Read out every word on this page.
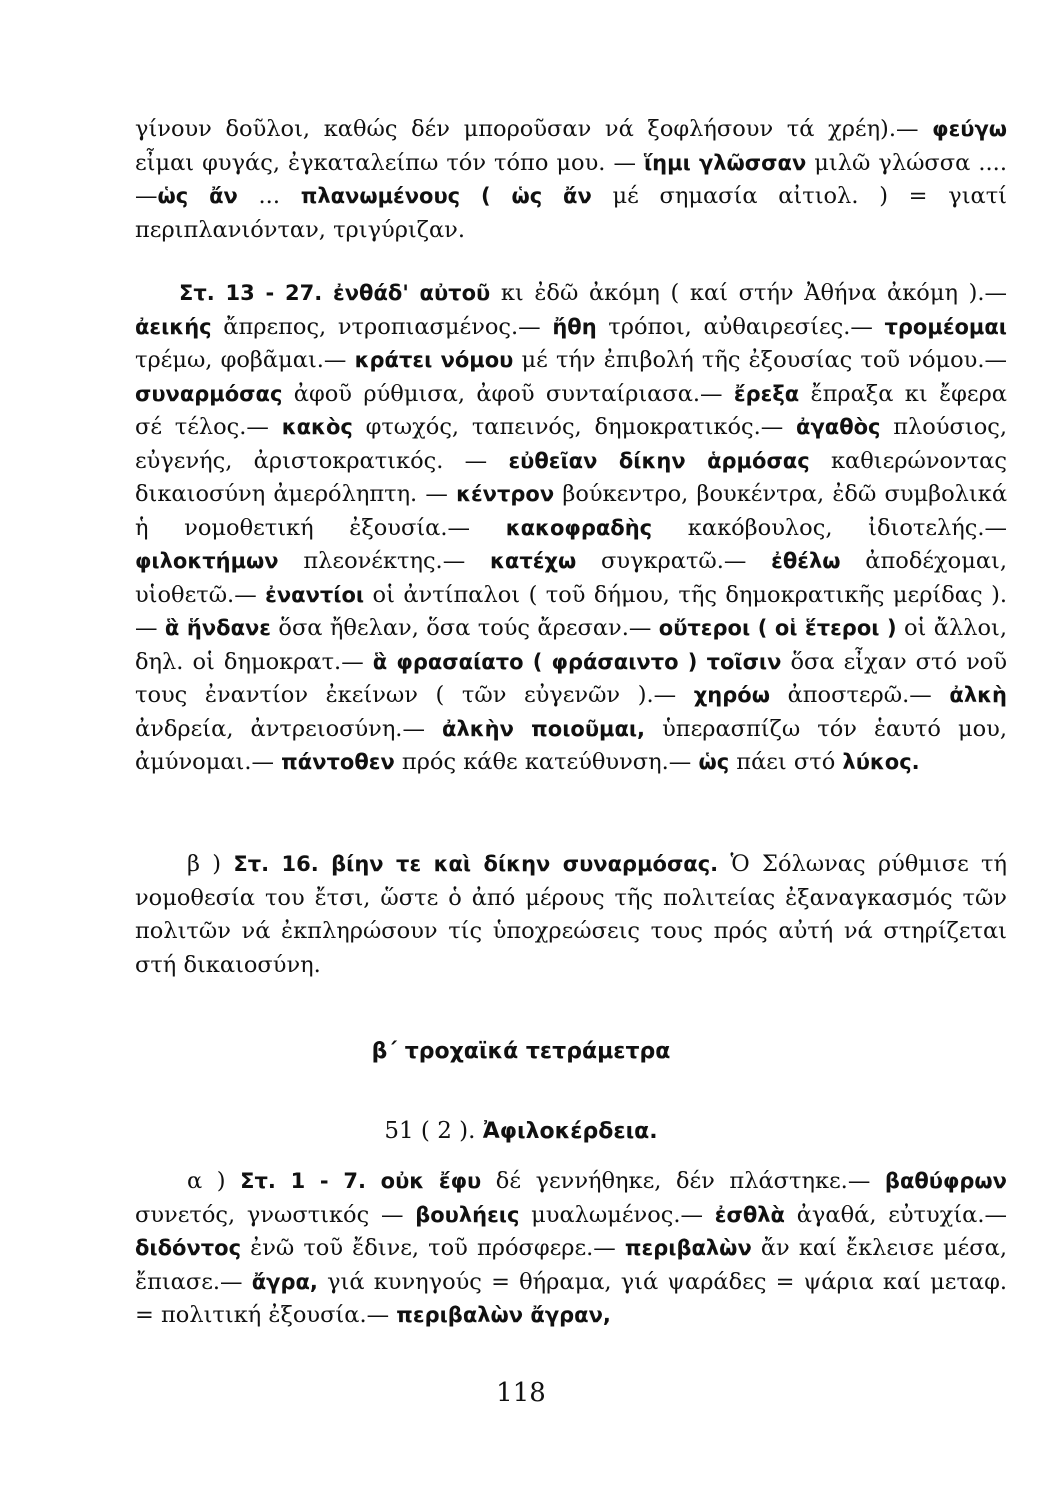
γίνουν δοῦλοι, καθώς δέν μποροῦσαν νά ξοφλήσουν τά χρέη).— φεύγω εἶμαι φυγάς, ἐγκαταλείπω τόν τόπο μου. — ἵημι γλῶσσαν μιλῶ γλώσσα ....—ὡς ἄν ... πλανωμένους ( ὡς ἄν μέ σημασία αἰτιολ. ) = γιατί περιπλανιόνταν, τριγύριζαν.

Στ. 13 - 27. ἐνθάδ' αὐτοῦ κι ἐδῶ ἀκόμη ( καί στήν Ἀθήνα ἀκόμη ).— ἀεικής ἄπρεπος, ντροπιασμένος.— ἤθη τρόποι, αὐθαιρεσίες.— τρομέομαι τρέμω, φοβᾶμαι.— κράτει νόμου μέ τήν ἐπιβολή τῆς ἐξουσίας τοῦ νόμου.— συναρμόσας ἀφοῦ ρύθμισα, ἀφοῦ συνταίριασα.— ἔρεξα ἔπραξα κι ἔφερα σέ τέλος.— κακὸς φτωχός, ταπεινός, δημοκρατικός.— ἀγαθὸς πλούσιος, εὐγενής, ἀριστοκρατικός. — εὐθεῖαν δίκην ἁρμόσας καθιερώνοντας δικαιοσύνη ἀμερόληπτη. — κέντρον βούκεντρο, βουκέντρα, ἐδῶ συμβολικά ἡ νομοθετική ἐξουσία.— κακοφραδὴς κακόβουλος, ἰδιοτελής.— φιλοκτήμων πλεονέκτης.— κατέχω συγκρατῶ.— ἐθέλω ἀποδέχομαι, υἱοθετῶ.— ἐναντίοι οἱ ἀντίπαλοι ( τοῦ δήμου, τῆς δημοκρατικῆς μερίδας ).— ἃ ἥνδανε ὅσα ἤθελαν, ὅσα τούς ἄρεσαν.— οὔτεροι ( οἱ ἕτεροι ) οἱ ἄλλοι, δηλ. οἱ δημοκρατ.— ἃ φρασαίατο ( φράσαιντο ) τοῖσιν ὅσα εἶχαν στό νοῦ τους ἐναντίον ἐκείνων ( τῶν εὐγενῶν ).— χηρόω ἀποστερῶ.— ἀλκὴ ἀνδρεία, ἀντρειοσύνη.— ἀλκὴν ποιοῦμαι, ὑπερασπίζω τόν ἑαυτό μου, ἀμύνομαι.— πάντοθεν πρός κάθε κατεύθυνση.— ὡς πάει στό λύκος.

β ) Στ. 16. βίην τε καὶ δίκην συναρμόσας. Ὁ Σόλωνας ρύθμισε τή νομοθεσία του ἔτσι, ὥστε ὁ ἀπό μέρους τῆς πολιτείας ἐξαναγκασμός τῶν πολιτῶν νά ἐκπληρώσουν τίς ὑποχρεώσεις τους πρός αὐτή νά στηρίζεται στή δικαιοσύνη.

β΄ τροχαϊκά τετράμετρα

51 ( 2 ). Ἀφιλοκέρδεια.

α ) Στ. 1 - 7. οὐκ ἔφυ δέ γεννήθηκε, δέν πλάστηκε.— βαθύφρων συνετός, γνωστικός — βουλήεις μυαλωμένος.— ἐσθλὰ ἀγαθά, εὐτυχία.— διδόντος ἐνῶ τοῦ ἔδινε, τοῦ πρόσφερε.— περιβαλὼν ἄν καί ἔκλεισε μέσα, ἔπιασε.— ἄγρα, γιά κυνηγούς = θήραμα, γιά ψαράδες = ψάρια καί μεταφ. = πολιτική ἐξουσία.— περιβαλὼν ἄγραν,

118
